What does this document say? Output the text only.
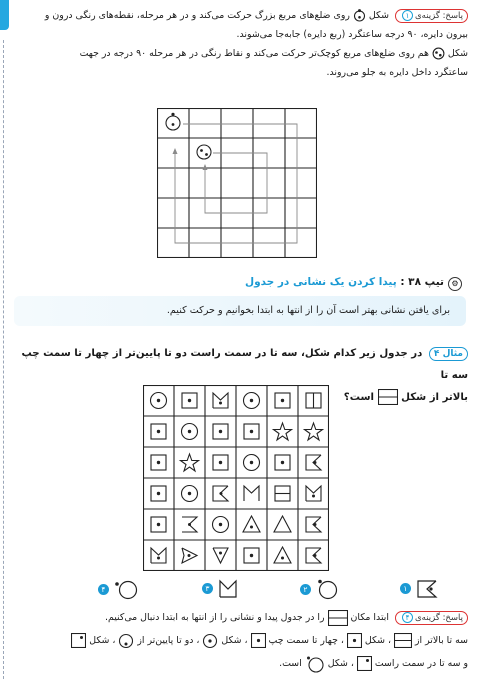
پاسخ: گزینه‌ی۱ شکل  روی ضلع‌های مربع بزرگ حرکت می‌کند و در هر مرحله، نقطه‌های رنگی درون و
بیرون دایره، ۹۰ درجه ساعتگرد (ربع دایره) جابه‌جا می‌شوند.
شکل  هم روی ضلع‌های مربع کوچک‌تر حرکت می‌کند و نقاط رنگی در هر مرحله ۹۰ درجه در جهت
ساعتگرد داخل دایره به جلو می‌روند.
⚙
تیپ ۳۸ : پیدا کردن یک نشانی در جدول
برای یافتن نشانی بهتر است آن را از انتها به ابتدا بخوانیم و حرکت کنیم.
مثال ۴ در جدول زیر کدام شکل، سه تا در سمت راست دو تا پایین‌تر از چهار تا سمت چپ سه تا
بالاتر از شکل  است؟
۱
۲
۳
۴
پاسخ: گزینه‌ی۴ ابتدا مکان  را در جدول پیدا و نشانی را از انتها به ابتدا دنبال می‌کنیم.
سه تا بالاتر از  ، شکل  ، چهار تا سمت چپ  ، شکل  ، دو تا پایین‌تر از  ، شکل
و سه تا در سمت راست  ، شکل  است.
